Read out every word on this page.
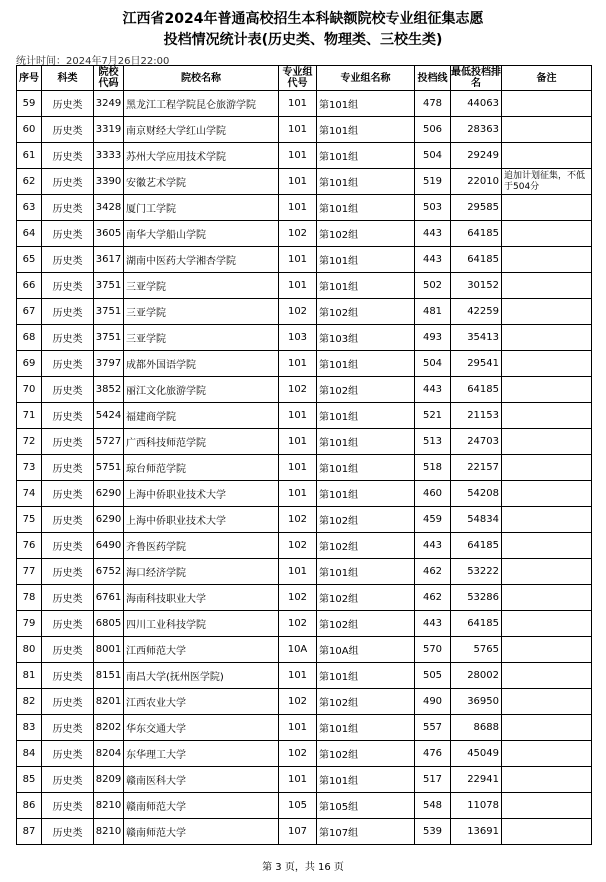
江西省2024年普通高校招生本科缺额院校专业组征集志愿
投档情况统计表(历史类、物理类、三校生类)
统计时间：2024年7月26日22:00
序号	科类	院校代码	院校名称	专业组代号	专业组名称	投档线	最低投档排名	备注
59	历史类	3249	黑龙江工程学院昆仑旅游学院	101	第101组	478	44063	
60	历史类	3319	南京财经大学红山学院	101	第101组	506	28363	
61	历史类	3333	苏州大学应用技术学院	101	第101组	504	29249	
62	历史类	3390	安徽艺术学院	101	第101组	519	22010	追加计划征集，不低于504分
63	历史类	3428	厦门工学院	101	第101组	503	29585	
64	历史类	3605	南华大学船山学院	102	第102组	443	64185	
65	历史类	3617	湖南中医药大学湘杏学院	101	第101组	443	64185	
66	历史类	3751	三亚学院	101	第101组	502	30152	
67	历史类	3751	三亚学院	102	第102组	481	42259	
68	历史类	3751	三亚学院	103	第103组	493	35413	
69	历史类	3797	成都外国语学院	101	第101组	504	29541	
70	历史类	3852	丽江文化旅游学院	102	第102组	443	64185	
71	历史类	5424	福建商学院	101	第101组	521	21153	
72	历史类	5727	广西科技师范学院	101	第101组	513	24703	
73	历史类	5751	琼台师范学院	101	第101组	518	22157	
74	历史类	6290	上海中侨职业技术大学	101	第101组	460	54208	
75	历史类	6290	上海中侨职业技术大学	102	第102组	459	54834	
76	历史类	6490	齐鲁医药学院	102	第102组	443	64185	
77	历史类	6752	海口经济学院	101	第101组	462	53222	
78	历史类	6761	海南科技职业大学	102	第102组	462	53286	
79	历史类	6805	四川工业科技学院	102	第102组	443	64185	
80	历史类	8001	江西师范大学	10A	第10A组	570	5765	
81	历史类	8151	南昌大学(抚州医学院)	101	第101组	505	28002	
82	历史类	8201	江西农业大学	102	第102组	490	36950	
83	历史类	8202	华东交通大学	101	第101组	557	8688	
84	历史类	8204	东华理工大学	102	第102组	476	45049	
85	历史类	8209	赣南医科大学	101	第101组	517	22941	
86	历史类	8210	赣南师范大学	105	第105组	548	11078	
87	历史类	8210	赣南师范大学	107	第107组	539	13691	
第 3 页，共 16 页
